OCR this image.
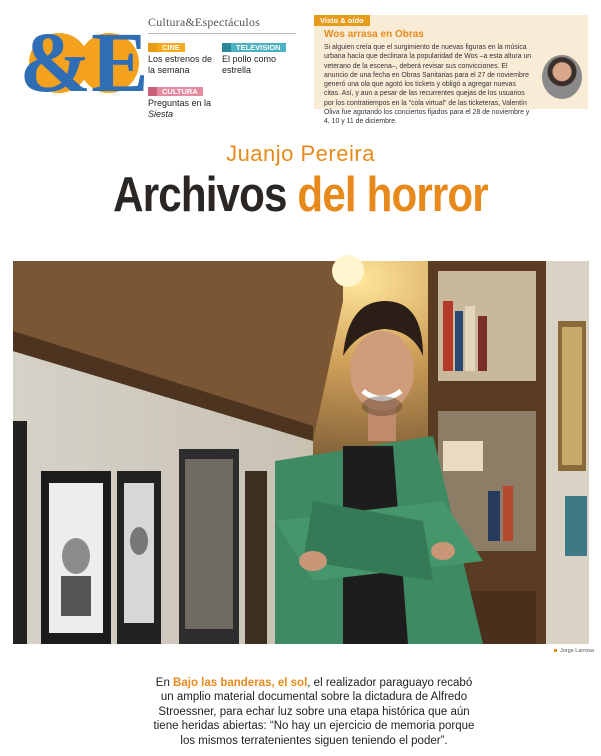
&E Cultura&Espectáculos
CINE
Los estrenos de la semana
TELEVISION
El pollo como estrella
CULTURA
Preguntas en la Siesta
Visto & oído
Wos arrasa en Obras
Si alguien creía que el surgimiento de nuevas figuras en la música urbana hacía que declinara la popularidad de Wos –a esta altura un veterano de la escena–, deberá revisar sus convicciones. El anuncio de una fecha en Obras Sanitarias para el 27 de noviembre generó una ola que agotó los tickets y obligó a agregar nuevas citas. Así, y aun a pesar de las recurrentes quejas de los usuarios por los contratiempos en la "cola virtual" de las ticketeras, Valentín Oliva fue agotando los conciertos fijados para el 28 de noviembre y 4, 10 y 11 de diciembre.
Juanjo Pereira
Archivos del horror
Jorge Larrosa
En Bajo las banderas, el sol, el realizador paraguayo recabó un amplio material documental sobre la dictadura de Alfredo Stroessner, para echar luz sobre una etapa histórica que aún tiene heridas abiertas: “No hay un ejercicio de memoria porque los mismos terratenientes siguen teniendo el poder”.
